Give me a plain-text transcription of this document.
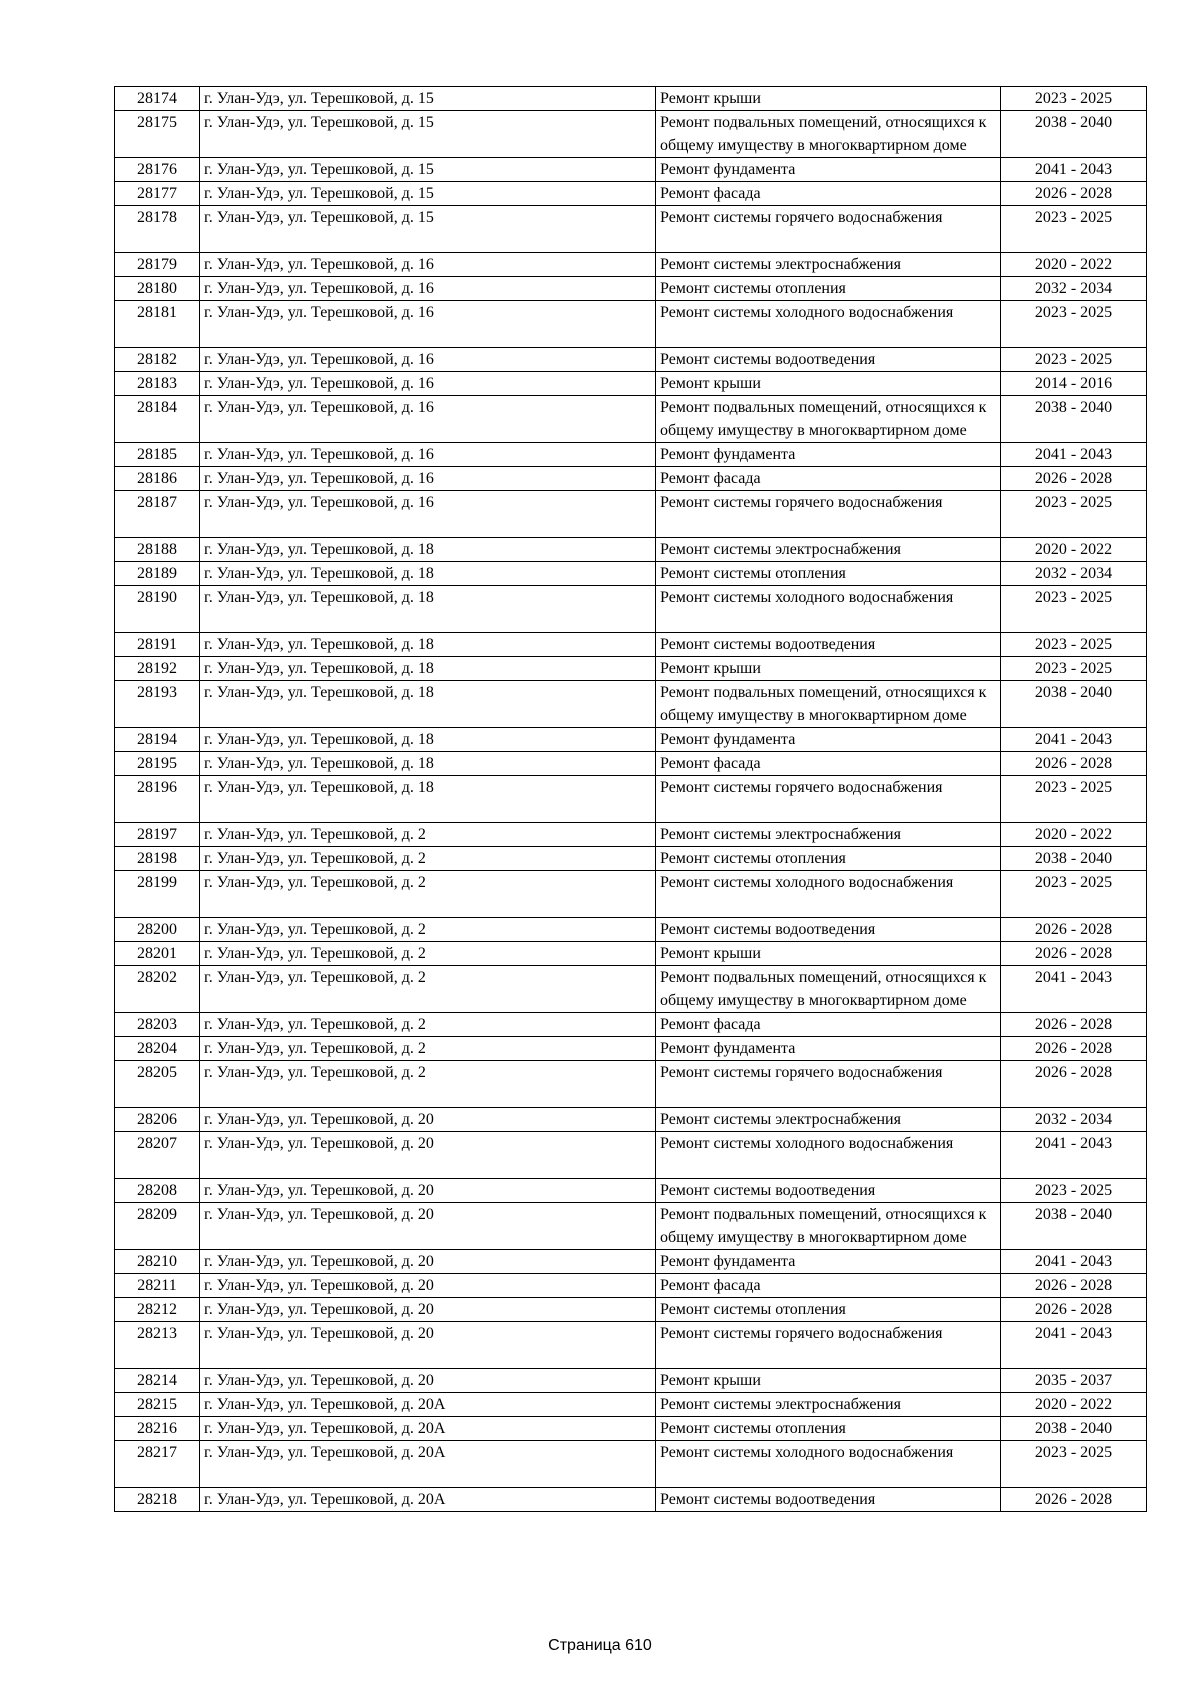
28174	г. Улан-Удэ, ул. Терешковой, д. 15	Ремонт крыши	2023 - 2025
28175	г. Улан-Удэ, ул. Терешковой, д. 15	Ремонт подвальных помещений, относящихся к общему имуществу в многоквартирном доме	2038 - 2040
28176	г. Улан-Удэ, ул. Терешковой, д. 15	Ремонт фундамента	2041 - 2043
28177	г. Улан-Удэ, ул. Терешковой, д. 15	Ремонт фасада	2026 - 2028
28178	г. Улан-Удэ, ул. Терешковой, д. 15	Ремонт системы горячего водоснабжения	2023 - 2025
28179	г. Улан-Удэ, ул. Терешковой, д. 16	Ремонт системы электроснабжения	2020 - 2022
28180	г. Улан-Удэ, ул. Терешковой, д. 16	Ремонт системы отопления	2032 - 2034
28181	г. Улан-Удэ, ул. Терешковой, д. 16	Ремонт системы холодного водоснабжения	2023 - 2025
28182	г. Улан-Удэ, ул. Терешковой, д. 16	Ремонт системы водоотведения	2023 - 2025
28183	г. Улан-Удэ, ул. Терешковой, д. 16	Ремонт крыши	2014 - 2016
28184	г. Улан-Удэ, ул. Терешковой, д. 16	Ремонт подвальных помещений, относящихся к общему имуществу в многоквартирном доме	2038 - 2040
28185	г. Улан-Удэ, ул. Терешковой, д. 16	Ремонт фундамента	2041 - 2043
28186	г. Улан-Удэ, ул. Терешковой, д. 16	Ремонт фасада	2026 - 2028
28187	г. Улан-Удэ, ул. Терешковой, д. 16	Ремонт системы горячего водоснабжения	2023 - 2025
28188	г. Улан-Удэ, ул. Терешковой, д. 18	Ремонт системы электроснабжения	2020 - 2022
28189	г. Улан-Удэ, ул. Терешковой, д. 18	Ремонт системы отопления	2032 - 2034
28190	г. Улан-Удэ, ул. Терешковой, д. 18	Ремонт системы холодного водоснабжения	2023 - 2025
28191	г. Улан-Удэ, ул. Терешковой, д. 18	Ремонт системы водоотведения	2023 - 2025
28192	г. Улан-Удэ, ул. Терешковой, д. 18	Ремонт крыши	2023 - 2025
28193	г. Улан-Удэ, ул. Терешковой, д. 18	Ремонт подвальных помещений, относящихся к общему имуществу в многоквартирном доме	2038 - 2040
28194	г. Улан-Удэ, ул. Терешковой, д. 18	Ремонт фундамента	2041 - 2043
28195	г. Улан-Удэ, ул. Терешковой, д. 18	Ремонт фасада	2026 - 2028
28196	г. Улан-Удэ, ул. Терешковой, д. 18	Ремонт системы горячего водоснабжения	2023 - 2025
28197	г. Улан-Удэ, ул. Терешковой, д. 2	Ремонт системы электроснабжения	2020 - 2022
28198	г. Улан-Удэ, ул. Терешковой, д. 2	Ремонт системы отопления	2038 - 2040
28199	г. Улан-Удэ, ул. Терешковой, д. 2	Ремонт системы холодного водоснабжения	2023 - 2025
28200	г. Улан-Удэ, ул. Терешковой, д. 2	Ремонт системы водоотведения	2026 - 2028
28201	г. Улан-Удэ, ул. Терешковой, д. 2	Ремонт крыши	2026 - 2028
28202	г. Улан-Удэ, ул. Терешковой, д. 2	Ремонт подвальных помещений, относящихся к общему имуществу в многоквартирном доме	2041 - 2043
28203	г. Улан-Удэ, ул. Терешковой, д. 2	Ремонт фасада	2026 - 2028
28204	г. Улан-Удэ, ул. Терешковой, д. 2	Ремонт фундамента	2026 - 2028
28205	г. Улан-Удэ, ул. Терешковой, д. 2	Ремонт системы горячего водоснабжения	2026 - 2028
28206	г. Улан-Удэ, ул. Терешковой, д. 20	Ремонт системы электроснабжения	2032 - 2034
28207	г. Улан-Удэ, ул. Терешковой, д. 20	Ремонт системы холодного водоснабжения	2041 - 2043
28208	г. Улан-Удэ, ул. Терешковой, д. 20	Ремонт системы водоотведения	2023 - 2025
28209	г. Улан-Удэ, ул. Терешковой, д. 20	Ремонт подвальных помещений, относящихся к общему имуществу в многоквартирном доме	2038 - 2040
28210	г. Улан-Удэ, ул. Терешковой, д. 20	Ремонт фундамента	2041 - 2043
28211	г. Улан-Удэ, ул. Терешковой, д. 20	Ремонт фасада	2026 - 2028
28212	г. Улан-Удэ, ул. Терешковой, д. 20	Ремонт системы отопления	2026 - 2028
28213	г. Улан-Удэ, ул. Терешковой, д. 20	Ремонт системы горячего водоснабжения	2041 - 2043
28214	г. Улан-Удэ, ул. Терешковой, д. 20	Ремонт крыши	2035 - 2037
28215	г. Улан-Удэ, ул. Терешковой, д. 20А	Ремонт системы электроснабжения	2020 - 2022
28216	г. Улан-Удэ, ул. Терешковой, д. 20А	Ремонт системы отопления	2038 - 2040
28217	г. Улан-Удэ, ул. Терешковой, д. 20А	Ремонт системы холодного водоснабжения	2023 - 2025
28218	г. Улан-Удэ, ул. Терешковой, д. 20А	Ремонт системы водоотведения	2026 - 2028
Страница 610
